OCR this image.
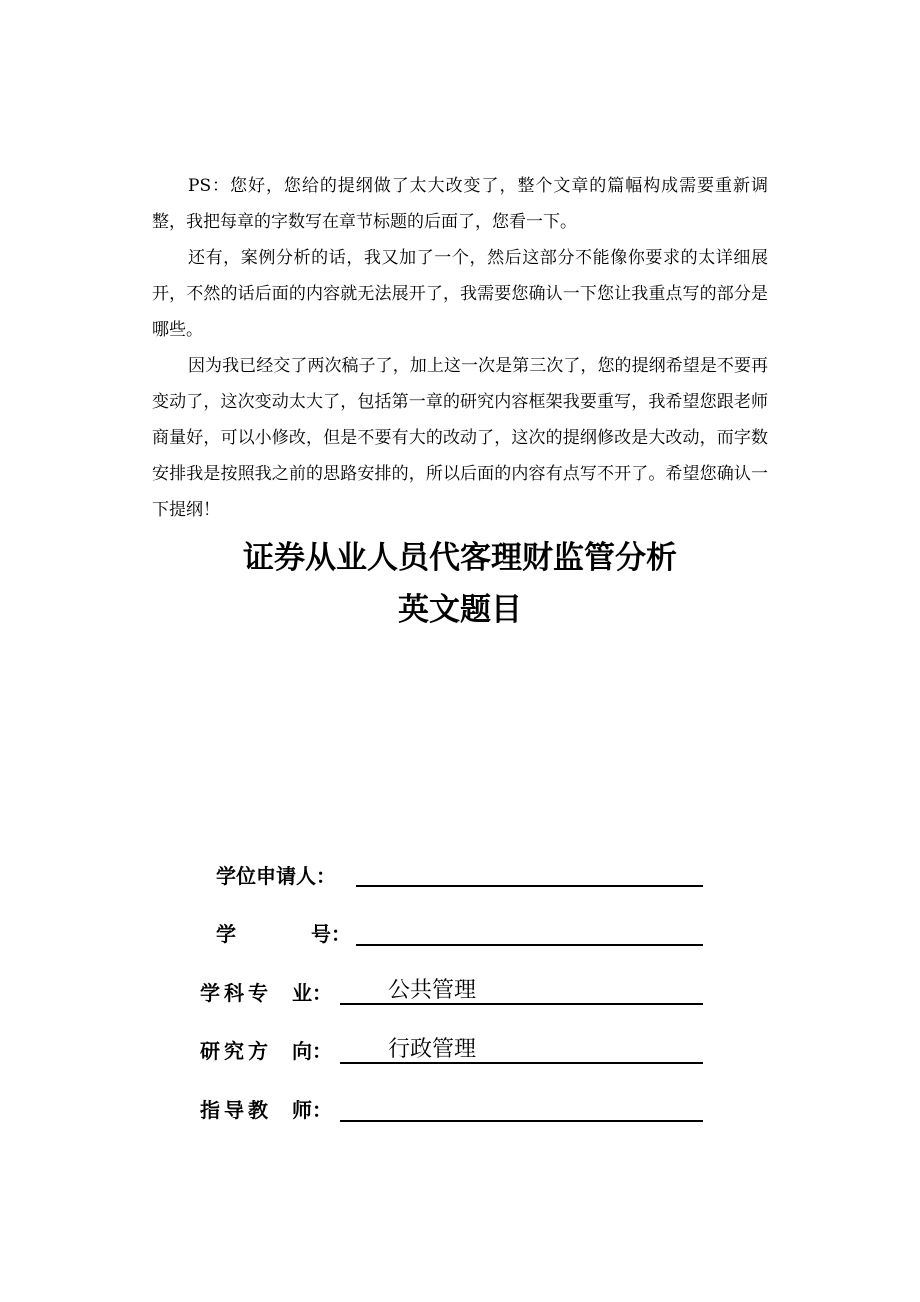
PS：您好，您给的提纲做了太大改变了，整个文章的篇幅构成需要重新调整，我把每章的字数写在章节标题的后面了，您看一下。

还有，案例分析的话，我又加了一个，然后这部分不能像你要求的太详细展开，不然的话后面的内容就无法展开了，我需要您确认一下您让我重点写的部分是哪些。

因为我已经交了两次稿子了，加上这一次是第三次了，您的提纲希望是不要再变动了，这次变动太大了，包括第一章的研究内容框架我要重写，我希望您跟老师商量好，可以小修改，但是不要有大的改动了，这次的提纲修改是大改动，而字数安排我是按照我之前的思路安排的，所以后面的内容有点写不开了。希望您确认一下提纲！

证券从业人员代客理财监管分析
英文题目
学位申请人：
学	号：
学科专 业：	公共管理
研究方 向：	行政管理
指导教 师：
